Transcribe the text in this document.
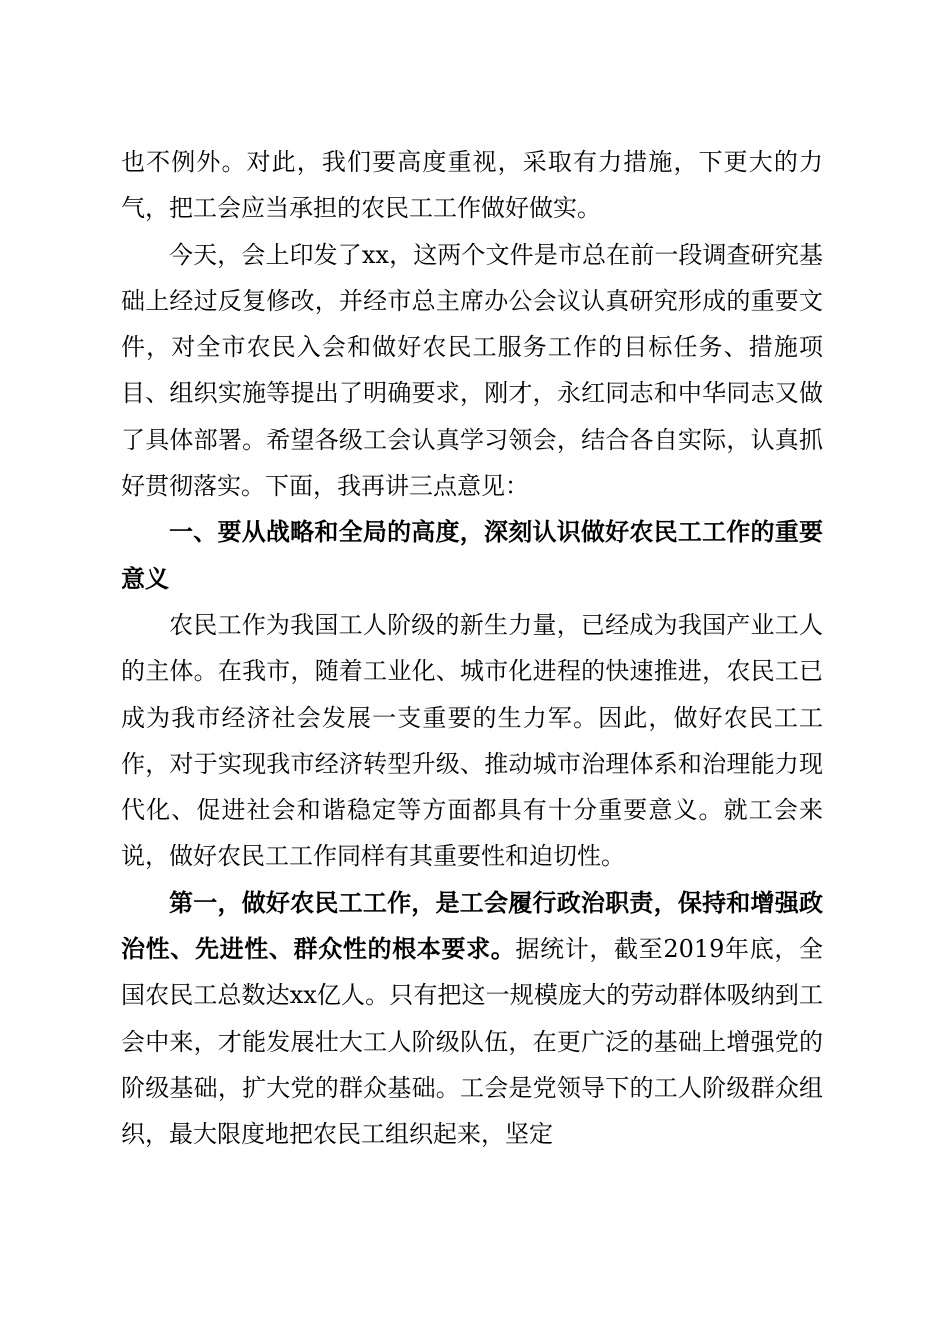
也不例外。对此，我们要高度重视，采取有力措施，下更大的力气，把工会应当承担的农民工工作做好做实。

今天，会上印发了xx，这两个文件是市总在前一段调查研究基础上经过反复修改，并经市总主席办公会议认真研究形成的重要文件，对全市农民入会和做好农民工服务工作的目标任务、措施项目、组织实施等提出了明确要求，刚才，永红同志和中华同志又做了具体部署。希望各级工会认真学习领会，结合各自实际，认真抓好贯彻落实。下面，我再讲三点意见：

一、要从战略和全局的高度，深刻认识做好农民工工作的重要意义

农民工作为我国工人阶级的新生力量，已经成为我国产业工人的主体。在我市，随着工业化、城市化进程的快速推进，农民工已成为我市经济社会发展一支重要的生力军。因此，做好农民工工作，对于实现我市经济转型升级、推动城市治理体系和治理能力现代化、促进社会和谐稳定等方面都具有十分重要意义。就工会来说，做好农民工工作同样有其重要性和迫切性。

第一，做好农民工工作，是工会履行政治职责，保持和增强政治性、先进性、群众性的根本要求。据统计，截至2019年底，全国农民工总数达xx亿人。只有把这一规模庞大的劳动群体吸纳到工会中来，才能发展壮大工人阶级队伍，在更广泛的基础上增强党的阶级基础，扩大党的群众基础。工会是党领导下的工人阶级群众组织，最大限度地把农民工组织起来，坚定
